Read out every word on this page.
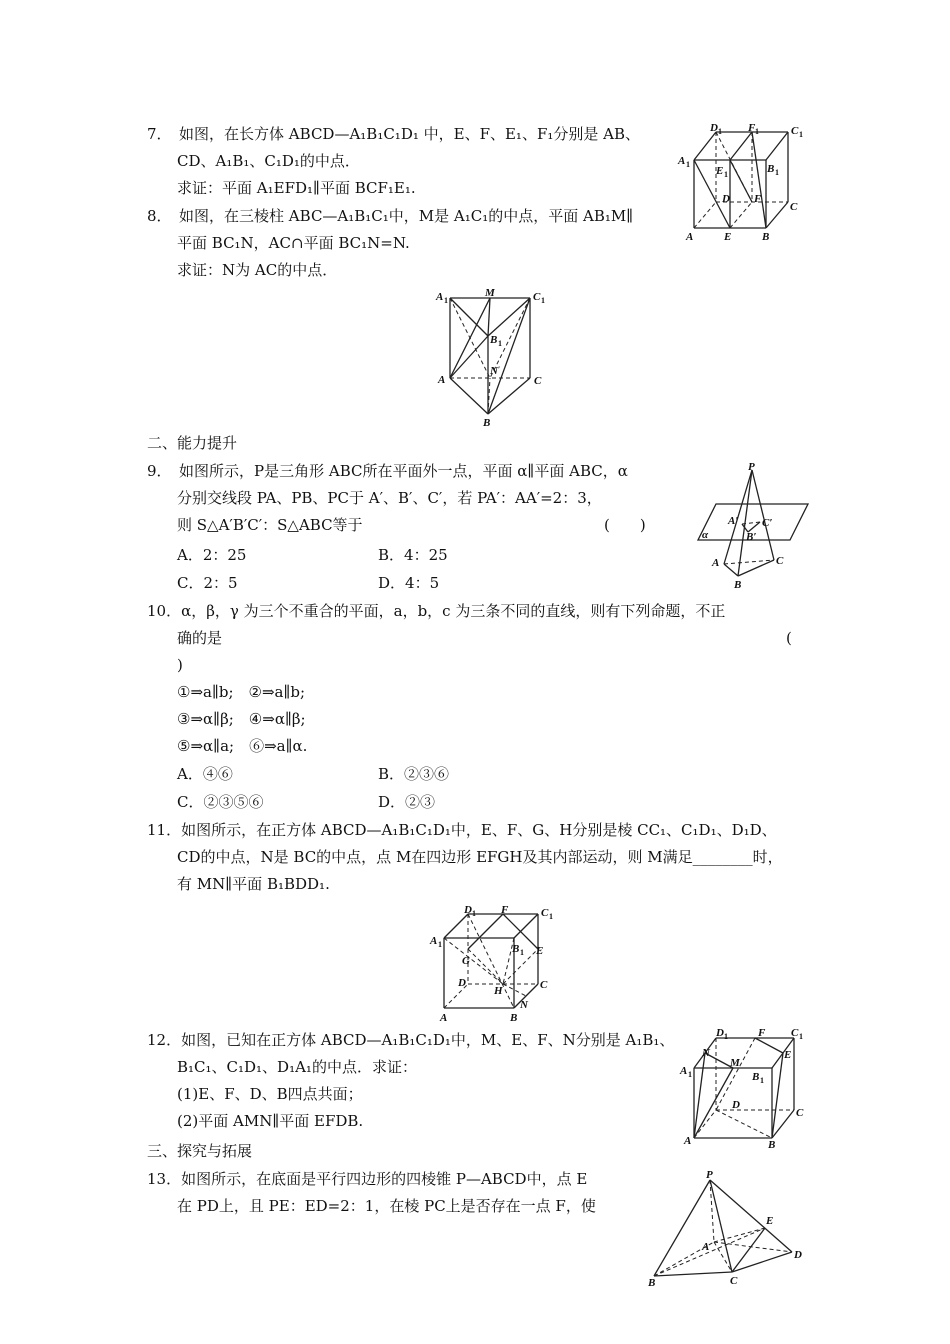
7．　如图，在长方体 ABCD—A₁B₁C₁D₁ 中，E、F、E₁、F₁分别是 AB、
CD、A₁B₁、C₁D₁的中点．
求证：平面 A₁EFD₁∥平面 BCF₁E₁.
D 1 F 1	C 1
A 1
E 1	B 1
D F
C
A	E	B
8．　如图，在三棱柱 ABC—A₁B₁C₁中，M是 A₁C₁的中点，平面 AB₁M∥
平面 BC₁N，AC∩平面 BC₁N=N.
求证：N为 AC的中点．
A 1
M	C 1
B 1
A
N ′
C
B
二、能力提升
9．　如图所示，P是三角形 ABC所在平面外一点，平面 α∥平面 ABC，α
分别交线段 PA、PB、PC于 A′、B′、C′，若 PA′：AA′=2：3，
则 S△A′B′C′：S△ABC等于	(　　)
A．2：25	B．4：25
C．2：5	D．4：5
P
A′ C′
B′
α
A	C
B
10．α，β，γ 为三个不重合的平面，a，b，c 为三条不同的直线，则有下列命题，不正
确的是	(
)
①⇒a∥b;　②⇒a∥b;
③⇒α∥β;　④⇒α∥β;
⑤⇒α∥a;　⑥⇒a∥α.
A．④⑥	B．②③⑥
C．②③⑤⑥	D．②③
11．如图所示，在正方体 ABCD—A₁B₁C₁D₁中，E、F、G、H分别是棱 CC₁、C₁D₁、D₁D、
CD的中点，N是 BC的中点，点 M在四边形 EFGH及其内部运动，则 M满足________时，
有 MN∥平面 B₁BDD₁.
D 1 F	C 1
A 1	B 1
G
E
D
H	C
N
A	B
12．如图，已知在正方体 ABCD—A₁B₁C₁D₁中，M、E、F、N分别是 A₁B₁、
B₁C₁、C₁D₁、D₁A₁的中点．求证：
(1)E、F、D、B四点共面；
(2)平面 AMN∥平面 EFDB.
D 1	F C 1
N
M
E
A 1	B 1
D
C
A	B
三、探究与拓展
13．如图所示，在底面是平行四边形的四棱锥 P—ABCD中，点 E
在 PD上，且 PE：ED=2：1，在棱 PC上是否存在一点 F，使
P
E
A
D
B	C
